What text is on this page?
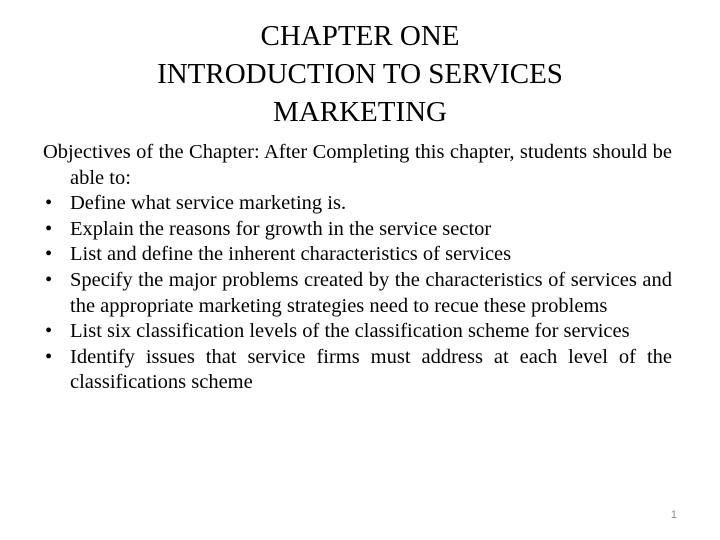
CHAPTER ONE
INTRODUCTION TO SERVICES
MARKETING

Objectives of the Chapter: After Completing this chapter, students should be able to:

• Define what service marketing is.
• Explain the reasons for growth in the service sector
• List and define the inherent characteristics of services
• Specify the major problems created by the characteristics of services and the appropriate marketing strategies need to recue these problems
• List six classification levels of the classification scheme for services
• Identify issues that service firms must address at each level of the classifications scheme
1
